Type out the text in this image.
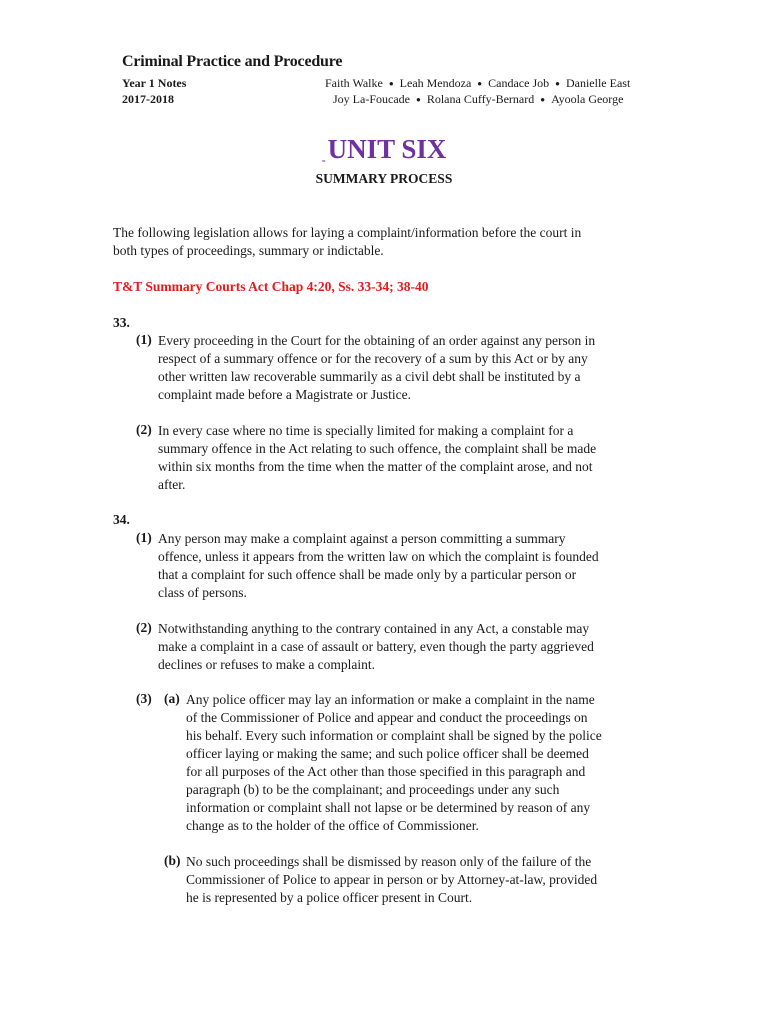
Criminal Practice and Procedure
Year 1 Notes
2017-2018
Faith Walke ● Leah Mendoza ● Candace Job ● Danielle East
Joy La-Foucade ● Rolana Cuffy-Bernard ● Ayoola George
$_‐$UNIT SIX
SUMMARY PROCESS
The following legislation allows for laying a complaint/information before the court in
both types of proceedings, summary or indictable.
T&T Summary Courts Act Chap 4:20, Ss. 33-34; 38-40
33.
(1) Every proceeding in the Court for the obtaining of an order against any person in
respect of a summary offence or for the recovery of a sum by this Act or by any
other written law recoverable summarily as a civil debt shall be instituted by a
complaint made before a Magistrate or Justice.
(2) In every case where no time is specially limited for making a complaint for a
summary offence in the Act relating to such offence, the complaint shall be made
within six months from the time when the matter of the complaint arose, and not
after.
34.
(1) Any person may make a complaint against a person committing a summary
offence, unless it appears from the written law on which the complaint is founded
that a complaint for such offence shall be made only by a particular person or
class of persons.
(2) Notwithstanding anything to the contrary contained in any Act, a constable may
make a complaint in a case of assault or battery, even though the party aggrieved
declines or refuses to make a complaint.
(3) (a) Any police officer may lay an information or make a complaint in the name
of the Commissioner of Police and appear and conduct the proceedings on
his behalf. Every such information or complaint shall be signed by the police
officer laying or making the same; and such police officer shall be deemed
for all purposes of the Act other than those specified in this paragraph and
paragraph (b) to be the complainant; and proceedings under any such
information or complaint shall not lapse or be determined by reason of any
change as to the holder of the office of Commissioner.
(b) No such proceedings shall be dismissed by reason only of the failure of the
Commissioner of Police to appear in person or by Attorney-at-law, provided
he is represented by a police officer present in Court.
